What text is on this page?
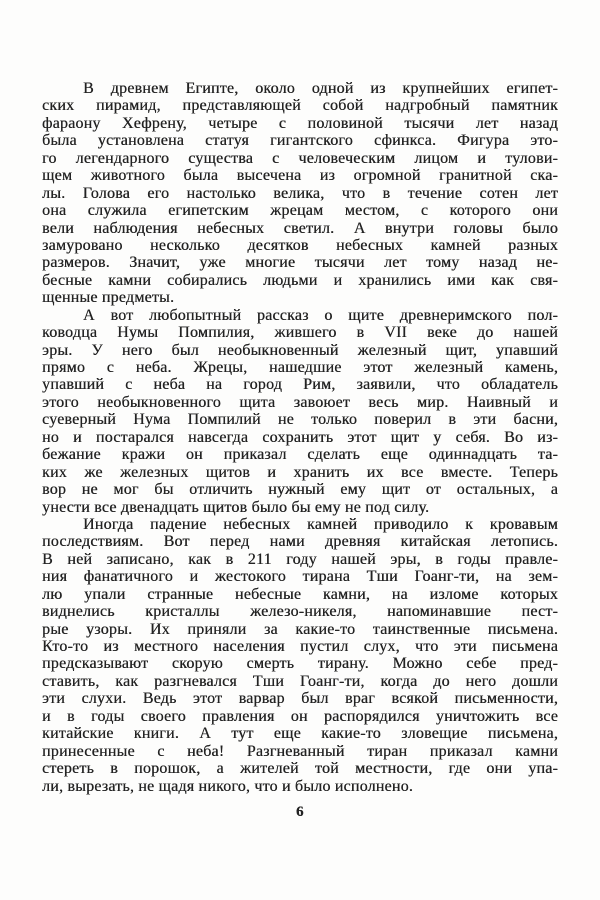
В древнем Египте, около одной из крупнейших египет-
ских пирамид, представляющей собой надгробный памятник
фараону Хефрену, четыре с половиной тысячи лет назад
была установлена статуя гигантского сфинкса. Фигура это-
го легендарного существа с человеческим лицом и тулови-
щем животного была высечена из огромной гранитной ска-
лы. Голова его настолько велика, что в течение сотен лет
она служила египетским жрецам местом, с которого они
вели наблюдения небесных светил. А внутри головы было
замуровано несколько десятков небесных камней разных
размеров. Значит, уже многие тысячи лет тому назад не-
бесные камни собирались людьми и хранились ими как свя-
щенные предметы.
А вот любопытный рассказ о щите древнеримского пол-
ководца Нумы Помпилия, жившего в VII веке до нашей
эры. У него был необыкновенный железный щит, упавший
прямо с неба. Жрецы, нашедшие этот железный камень,
упавший с неба на город Рим, заявили, что обладатель
этого необыкновенного щита завоюет весь мир. Наивный и
суеверный Нума Помпилий не только поверил в эти басни,
но и постарался навсегда сохранить этот щит у себя. Во из-
бежание кражи он приказал сделать еще одиннадцать та-
ких же железных щитов и хранить их все вместе. Теперь
вор не мог бы отличить нужный ему щит от остальных, а
унести все двенадцать щитов было бы ему не под силу.
Иногда падение небесных камней приводило к кровавым
последствиям. Вот перед нами древняя китайская летопись.
В ней записано, как в 211 году нашей эры, в годы правле-
ния фанатичного и жестокого тирана Тши Гоанг-ти, на зем-
лю упали странные небесные камни, на изломе которых
виднелись кристаллы железо-никеля, напоминавшие пест-
рые узоры. Их приняли за какие-то таинственные письмена.
Кто-то из местного населения пустил слух, что эти письмена
предсказывают скорую смерть тирану. Можно себе пред-
ставить, как разгневался Тши Гоанг-ти, когда до него дошли
эти слухи. Ведь этот варвар был враг всякой письменности,
и в годы своего правления он распорядился уничтожить все
китайские книги. А тут еще какие-то зловещие письмена,
принесенные с неба! Разгневанный тиран приказал камни
стереть в порошок, а жителей той местности, где они упа-
ли, вырезать, не щадя никого, что и было исполнено.
6
